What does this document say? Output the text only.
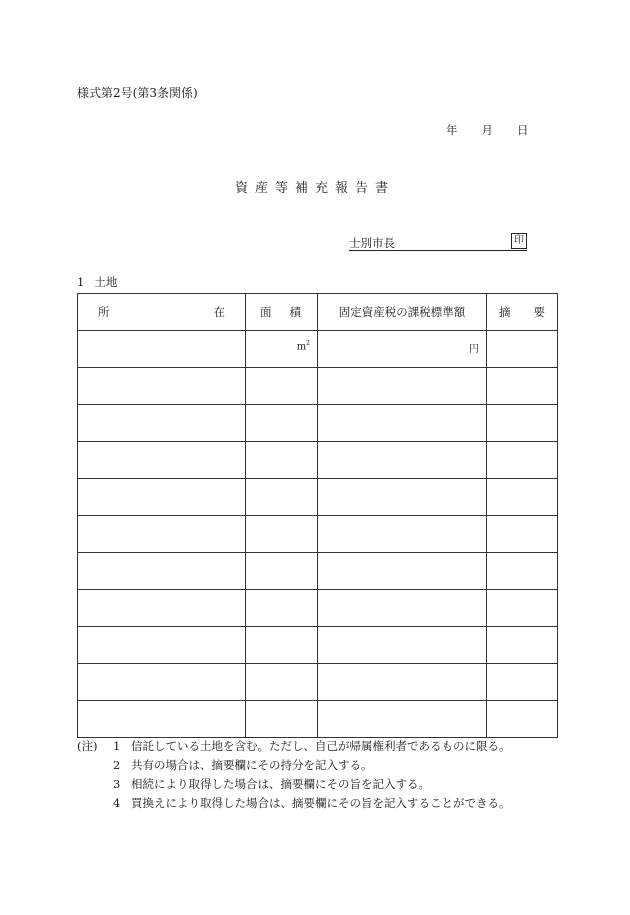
様式第2号(第3条関係)
年 月 日
資産等補充報告書
士別市長	印
1 土地
所 在	面 積	固定資産税の課税標準額	摘 要

	$m^2$	円	

(注)	1 信託している土地を含む。ただし、自己が帰属権利者であるものに限る。
2 共有の場合は、摘要欄にその持分を記入する。
3 相続により取得した場合は、摘要欄にその旨を記入する。
4 買換えにより取得した場合は、摘要欄にその旨を記入することができる。
